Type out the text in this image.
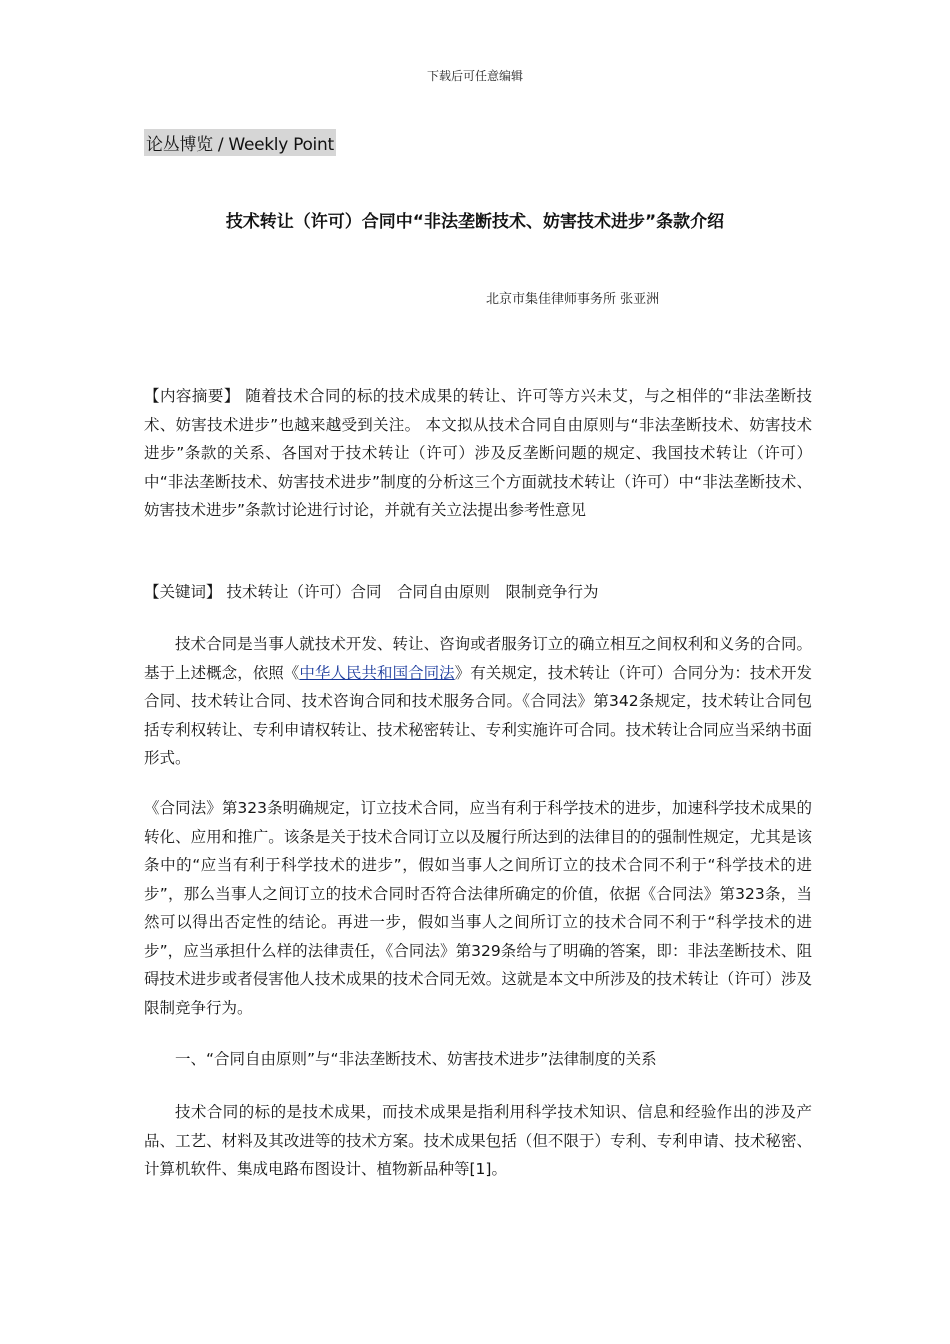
下载后可任意编辑
论丛博览 / Weekly Point
技术转让（许可）合同中“非法垄断技术、妨害技术进步”条款介绍
北京市集佳律师事务所 张亚洲
【内容摘要】 随着技术合同的标的技术成果的转让、许可等方兴未艾，与之相伴的“非法垄断技术、妨害技术进步”也越来越受到关注。 本文拟从技术合同自由原则与“非法垄断技术、妨害技术进步”条款的关系、各国对于技术转让（许可）涉及反垄断问题的规定、我国技术转让（许可）中“非法垄断技术、妨害技术进步”制度的分析这三个方面就技术转让（许可）中“非法垄断技术、妨害技术进步”条款讨论进行讨论，并就有关立法提出参考性意见
【关键词】 技术转让（许可）合同　合同自由原则　限制竞争行为
技术合同是当事人就技术开发、转让、咨询或者服务订立的确立相互之间权利和义务的合同。基于上述概念，依照《中华人民共和国合同法》有关规定，技术转让（许可）合同分为：技术开发合同、技术转让合同、技术咨询合同和技术服务合同。《合同法》第342条规定，技术转让合同包括专利权转让、专利申请权转让、技术秘密转让、专利实施许可合同。技术转让合同应当采纳书面形式。
《合同法》第323条明确规定，订立技术合同，应当有利于科学技术的进步，加速科学技术成果的转化、应用和推广。该条是关于技术合同订立以及履行所达到的法律目的的强制性规定，尤其是该条中的“应当有利于科学技术的进步”，假如当事人之间所订立的技术合同不利于“科学技术的进步”，那么当事人之间订立的技术合同时否符合法律所确定的价值，依据《合同法》第323条，当然可以得出否定性的结论。再进一步，假如当事人之间所订立的技术合同不利于“科学技术的进步”，应当承担什么样的法律责任，《合同法》第329条给与了明确的答案，即：非法垄断技术、阻碍技术进步或者侵害他人技术成果的技术合同无效。这就是本文中所涉及的技术转让（许可）涉及限制竞争行为。
一、“合同自由原则”与“非法垄断技术、妨害技术进步”法律制度的关系
技术合同的标的是技术成果，而技术成果是指利用科学技术知识、信息和经验作出的涉及产品、工艺、材料及其改进等的技术方案。技术成果包括（但不限于）专利、专利申请、技术秘密、计算机软件、集成电路布图设计、植物新品种等[1]。
